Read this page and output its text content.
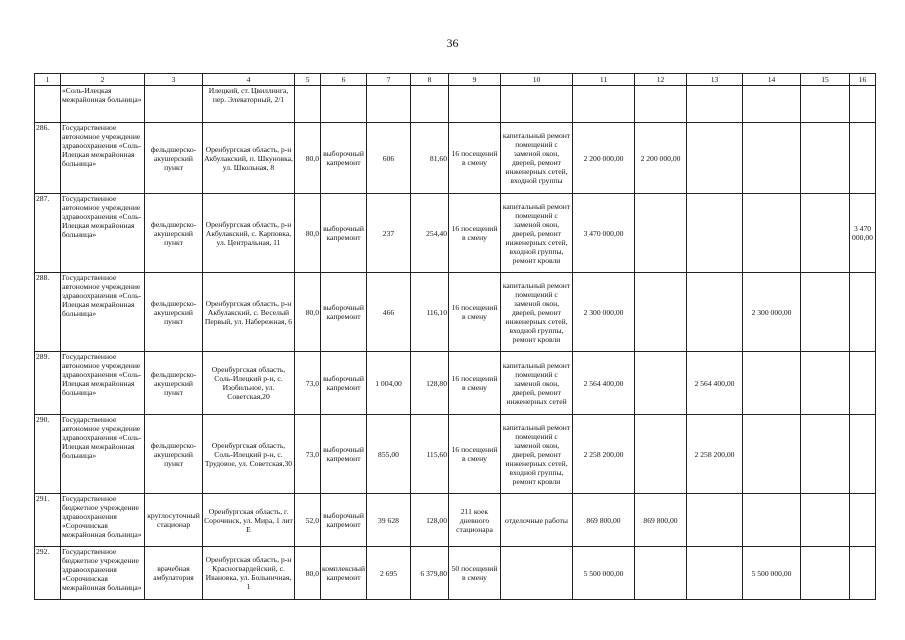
36
1	2	3	4	5	6	7	8	9	10	11	12	13	14	15	16
	«Соль-Илецкая межрайонная больница»		Илецкий, ст. Цвиллинга, пер. Элеваторный, 2/1												
286.	Государственное автономное учреждение здравоохранения «Соль-Илецкая межрайонная больница»	фельдшерско-акушерский пункт	Оренбургская область, р-н Акбулакский, п. Шкуновка, ул. Школьная, 8	80,0	выборочный капремонт	606	81,60	16 посещений в смену	капитальный ремонт помещений с заменой окон, дверей, ремонт инженерных сетей, входной группы	2 200 000,00	2 200 000,00				
287.	Государственное автономное учреждение здравоохранения «Соль-Илецкая межрайонная больница»	фельдшерско-акушерский пункт	Оренбургская область, р-н Акбулакский, с. Карповка, ул. Центральная, 11	80,0	выборочный капремонт	237	254,40	16 посещений в смену	капитальный ремонт помещений с заменой окон, дверей, ремонт инженерных сетей, входной группы, ремонт кровли	3 470 000,00					3 470 000,00
288.	Государственное автономное учреждение здравоохранения «Соль-Илецкая межрайонная больница»	фельдшерско-акушерский пункт	Оренбургская область, р-н Акбулакский, с. Веселый Первый, ул. Набережная, 6	80,0	выборочный капремонт	466	116,10	16 посещений в смену	капитальный ремонт помещений с заменой окон, дверей, ремонт инженерных сетей, входной группы, ремонт кровли	2 300 000,00			2 300 000,00		
289.	Государственное автономное учреждение здравоохранения «Соль-Илецкая межрайонная больница»	фельдшерско-акушерский пункт	Оренбургская область, Соль-Илецкий р-н, с. Изобильное, ул. Советская,20	73,0	выборочный капремонт	1 004,00	128,80	16 посещений в смену	капитальный ремонт помещений с заменой окон, дверей, ремонт инженерных сетей	2 564 400,00		2 564 400,00			
290.	Государственное автономное учреждение здравоохранения «Соль-Илецкая межрайонная больница»	фельдшерско-акушерский пункт	Оренбургская область, Соль-Илецкий р-н, с. Трудовое, ул. Советская,30	73,0	выборочный капремонт	855,00	115,60	16 посещений в смену	капитальный ремонт помещений с заменой окон, дверей, ремонт инженерных сетей, входной группы, ремонт кровли	2 258 200,00		2 258 200,00			
291.	Государственное бюджетное учреждение здравоохранения «Сорочинская межрайонная больница»	круглосуточный стационар	Оренбургская область, г. Сорочинск, ул. Мира, 1 лит Е	52,0	выборочный капремонт	39 628	128,00	211 коек дневного стационара	отделочные работы	869 800,00	869 800,00				
292.	Государственное бюджетное учреждение здравоохранения «Сорочинская межрайонная больница»	врачебная амбулатория	Оренбургская область, р-н Красногвардейский, с. Ивановка, ул. Больничная, 1	80,0	комплексный капремонт	2 695	6 379,80	50 посещений в смену		5 500 000,00			5 500 000,00		
